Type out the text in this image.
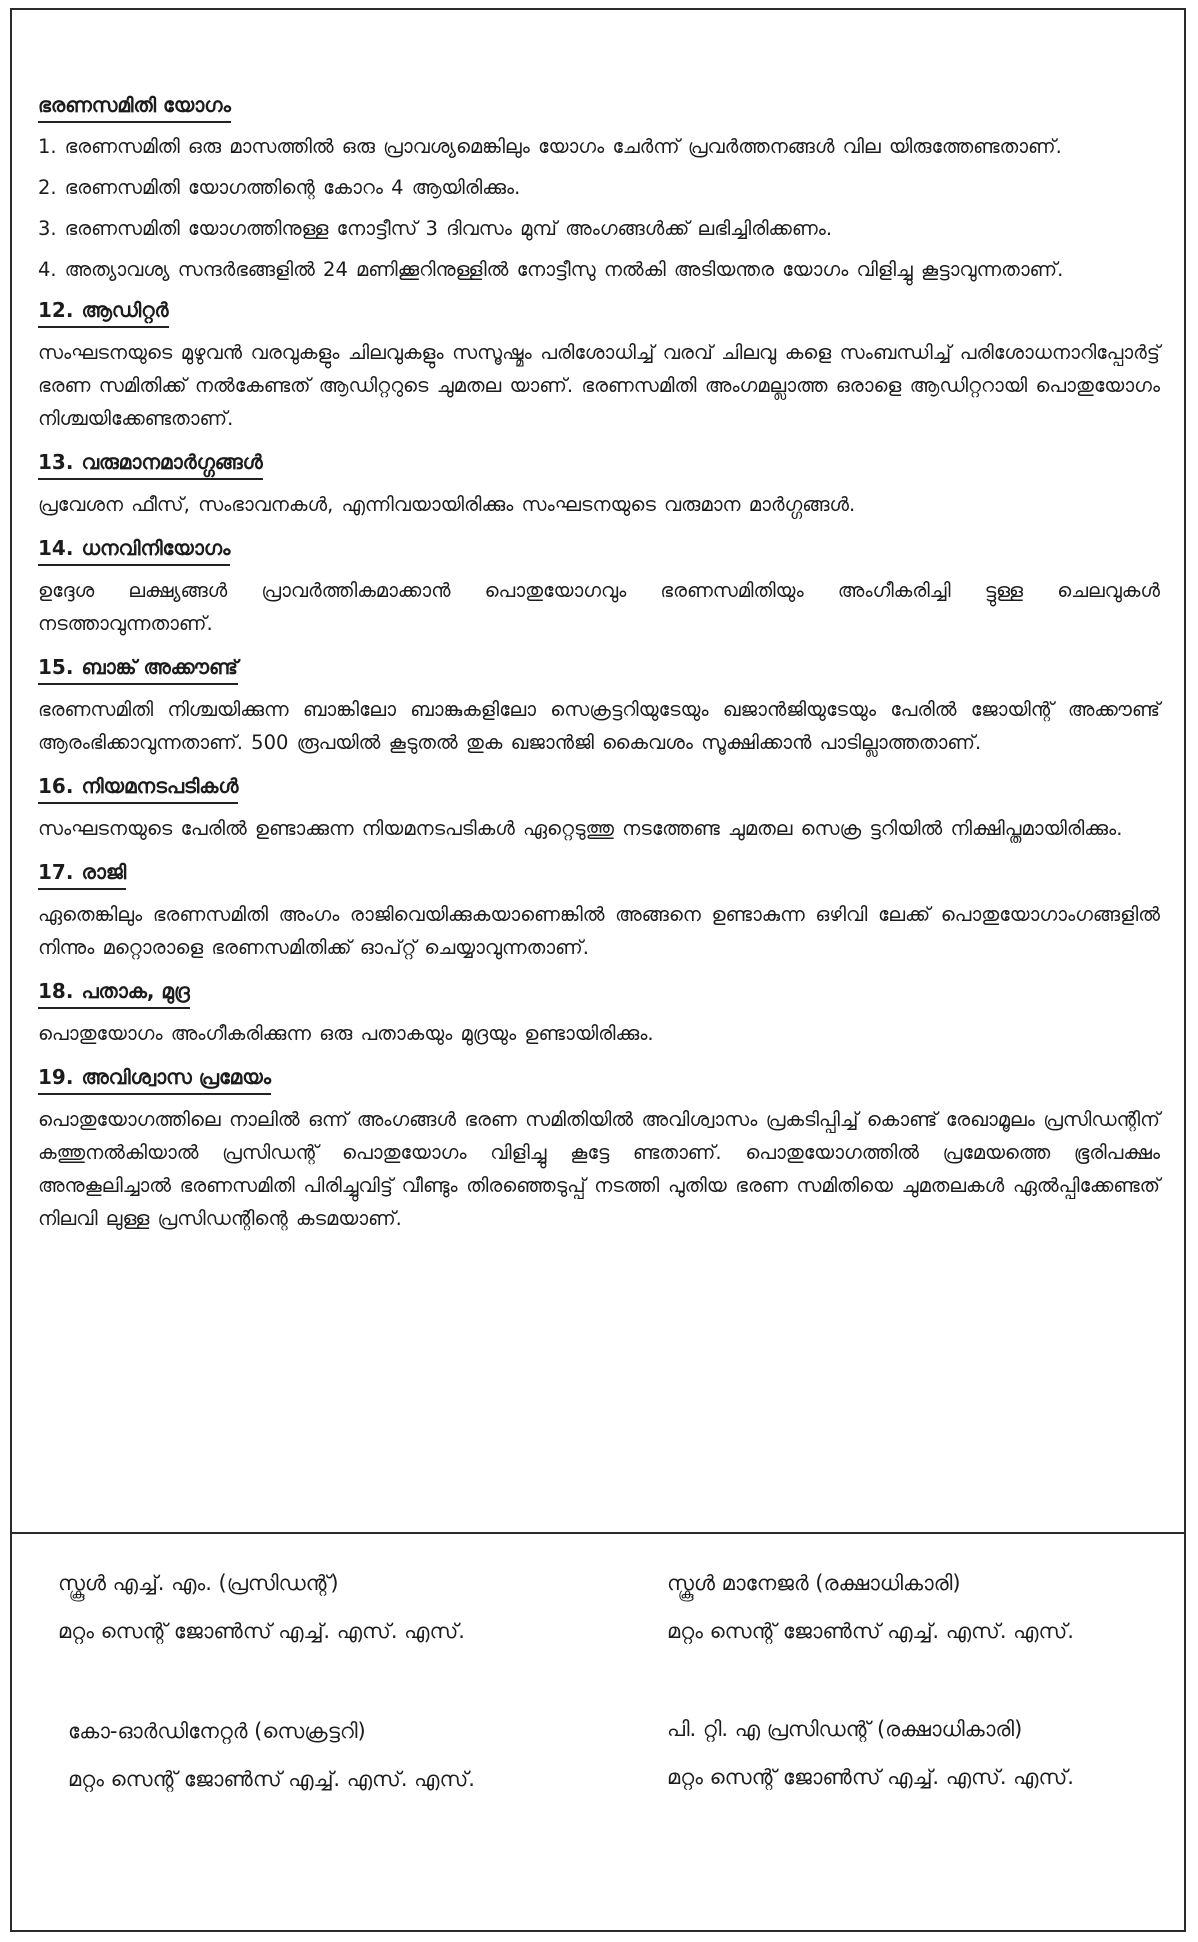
ഭരണസമിതി യോഗം
1. ഭരണസമിതി ഒരു മാസത്തിൽ ഒരു പ്രാവശ്യമെങ്കിലും യോഗം ചേർന്ന് പ്രവർത്തനങ്ങൾ വില യിരുത്തേണ്ടതാണ്.
2. ഭരണസമിതി യോഗത്തിന്റെ കോറം 4 ആയിരിക്കും.
3. ഭരണസമിതി യോഗത്തിനുള്ള നോട്ടീസ് 3 ദിവസം മുമ്പ് അംഗങ്ങൾക്ക് ലഭിച്ചിരിക്കണം.
4. അത്യാവശ്യ സന്ദർഭങ്ങളിൽ 24 മണിക്കൂറിനുള്ളിൽ നോട്ടീസു നൽകി അടിയന്തര യോഗം വിളിച്ചു കൂട്ടാവുന്നതാണ്.
12. ആഡിറ്റർ
സംഘടനയുടെ മുഴുവൻ വരവുകളും ചിലവുകളും സസൂഷ്മം പരിശോധിച്ച് വരവ് ചിലവു കളെ സംബന്ധിച്ച് പരിശോധനാറിപ്പോർട്ട് ഭരണ സമിതിക്ക് നൽകേണ്ടത് ആഡിറ്ററുടെ ചുമതല യാണ്. ഭരണസമിതി അംഗമല്ലാത്ത ഒരാളെ ആഡിറ്ററായി പൊതുയോഗം നിശ്ചയിക്കേണ്ടതാണ്.
13. വരുമാനമാർഗ്ഗങ്ങൾ
പ്രവേശന ഫീസ്, സംഭാവനകൾ, എന്നിവയായിരിക്കും സംഘടനയുടെ വരുമാന മാർഗ്ഗങ്ങൾ.
14. ധനവിനിയോഗം
ഉദ്ദേശ ലക്ഷ്യങ്ങൾ പ്രാവർത്തികമാക്കാൻ പൊതുയോഗവും ഭരണസമിതിയും അംഗീകരിച്ചി ട്ടുള്ള ചെലവുകൾ നടത്താവുന്നതാണ്.
15. ബാങ്ക് അക്കൗണ്ട്
ഭരണസമിതി നിശ്ചയിക്കുന്ന ബാങ്കിലോ ബാങ്കുകളിലോ സെക്രട്ടറിയുടേയും ഖജാൻജിയുടേയും പേരിൽ ജോയിന്റ് അക്കൗണ്ട് ആരംഭിക്കാവുന്നതാണ്. 500 രൂപയിൽ കൂടുതൽ തുക ഖജാൻജി കൈവശം സൂക്ഷിക്കാൻ പാടില്ലാത്തതാണ്.
16. നിയമനടപടികൾ
സംഘടനയുടെ പേരിൽ ഉണ്ടാക്കുന്ന നിയമനടപടികൾ ഏറ്റെടുത്തു നടത്തേണ്ട ചുമതല സെക്ര ട്ടറിയിൽ നിക്ഷിപ്തമായിരിക്കും.
17. രാജി
ഏതെങ്കിലും ഭരണസമിതി അംഗം രാജിവെയിക്കുകയാണെങ്കിൽ അങ്ങനെ ഉണ്ടാകുന്ന ഒഴിവി ലേക്ക് പൊതുയോഗാംഗങ്ങളിൽ നിന്നും മറ്റൊരാളെ ഭരണസമിതിക്ക് ഓപ്റ്റ് ചെയ്യാവുന്നതാണ്.
18. പതാക, മുദ്ര
പൊതുയോഗം അംഗീകരിക്കുന്ന ഒരു പതാകയും മുദ്രയും ഉണ്ടായിരിക്കും.
19. അവിശ്വാസ പ്രമേയം
പൊതുയോഗത്തിലെ നാലിൽ ഒന്ന് അംഗങ്ങൾ ഭരണ സമിതിയിൽ അവിശ്വാസം പ്രകടിപ്പിച്ച് കൊണ്ട് രേഖാമൂലം പ്രസിഡന്റിന് കത്തുനൽകിയാൽ പ്രസിഡന്റ് പൊതുയോഗം വിളിച്ചു കൂട്ടേ ണ്ടതാണ്. പൊതുയോഗത്തിൽ പ്രമേയത്തെ ഭൂരിപക്ഷം അനുകൂലിച്ചാൽ ഭരണസമിതി പിരിച്ചുവിട്ട് വീണ്ടും തിരഞ്ഞെടുപ്പ് നടത്തി പുതിയ ഭരണ സമിതിയെ ചുമതലകൾ ഏൽപ്പിക്കേണ്ടത് നിലവി ലുള്ള പ്രസിഡന്റിന്റെ കടമയാണ്.
സ്കൂൾ എച്ച്. എം. (പ്രസിഡന്റ്)
മറ്റം സെന്റ് ജോൺസ് എച്ച്. എസ്. എസ്.
സ്കൂൾ മാനേജർ (രക്ഷാധികാരി)
മറ്റം സെന്റ് ജോൺസ് എച്ച്. എസ്. എസ്.
കോ-ഓർഡിനേറ്റർ (സെക്രട്ടറി)
മറ്റം സെന്റ് ജോൺസ് എച്ച്. എസ്. എസ്.
പി. റ്റി. എ പ്രസിഡന്റ് (രക്ഷാധികാരി)
മറ്റം സെന്റ് ജോൺസ് എച്ച്. എസ്. എസ്.
